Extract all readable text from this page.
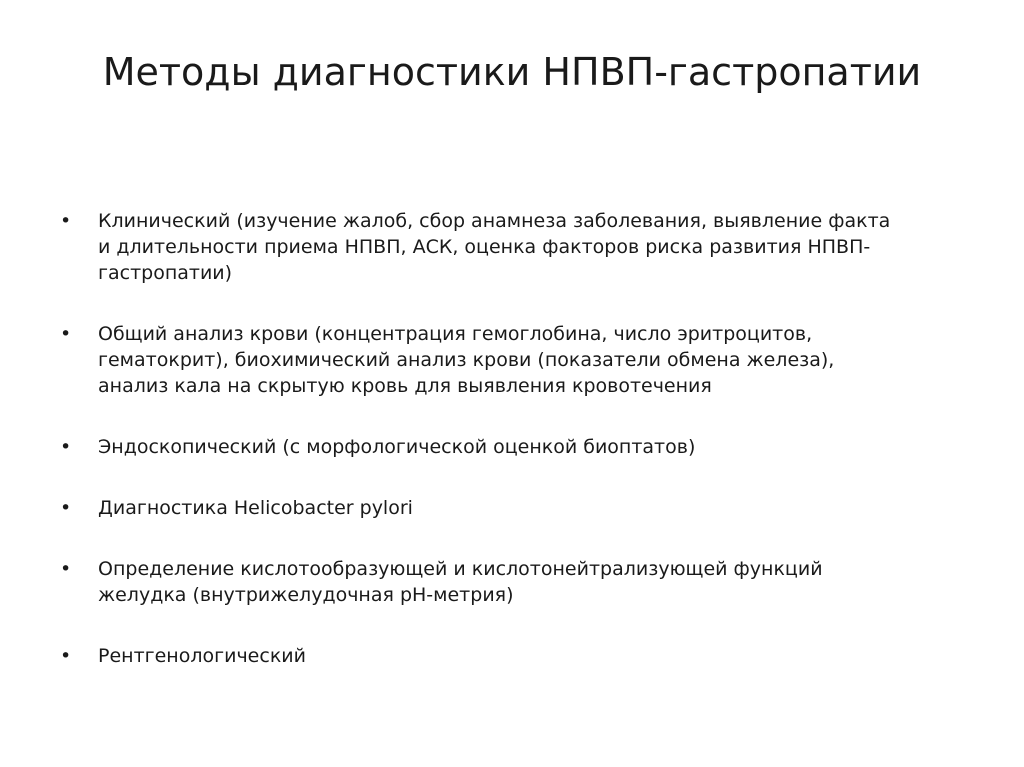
Методы диагностики НПВП-гастропатии
•	Клинический (изучение жалоб, сбор анамнеза заболевания, выявление факта
и длительности приема НПВП, АСК, оценка факторов риска развития НПВП-
гастропатии)
•	Общий анализ крови (концентрация гемоглобина, число эритроцитов,
гематокрит), биохимический анализ крови (показатели обмена железа),
анализ кала на скрытую кровь для выявления кровотечения
•	Эндоскопический (с морфологической оценкой биоптатов)
•	Диагностика Helicobacter pylori
•	Определение кислотообразующей и кислотонейтрализующей функций
желудка (внутрижелудочная pH-метрия)
•	Рентгенологический
